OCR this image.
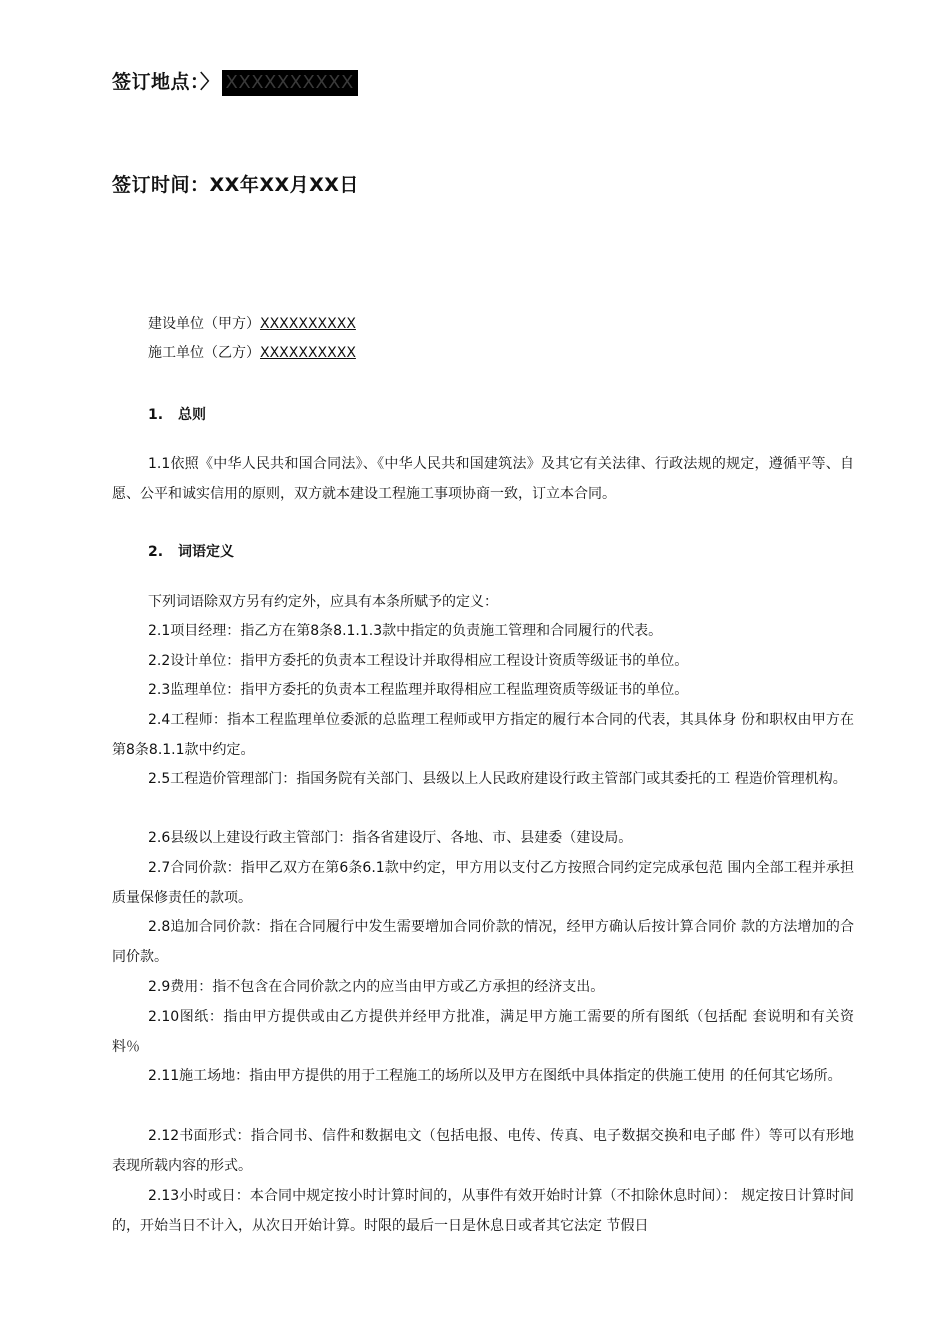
签订地点：〉 XXXXXXXXXX
签订时间：XX年XX月XX日
建设单位（甲方）XXXXXXXXXX
施工单位（乙方）XXXXXXXXXX
1. 总则

1.1依照《中华人民共和国合同法》、《中华人民共和国建筑法》及其它有关法律、行政法规的规定，遵循平等、自愿、公平和诚实信用的原则，双方就本建设工程施工事项协商一致，订立本合同。

2. 词语定义

下列词语除双方另有约定外，应具有本条所赋予的定义：

2.1项目经理：指乙方在第8条8.1.1.3款中指定的负责施工管理和合同履行的代表。

2.2设计单位：指甲方委托的负责本工程设计并取得相应工程设计资质等级证书的单位。

2.3监理单位：指甲方委托的负责本工程监理并取得相应工程监理资质等级证书的单位。

2.4工程师：指本工程监理单位委派的总监理工程师或甲方指定的履行本合同的代表，其具体身 份和职权由甲方在第8条8.1.1款中约定。

2.5工程造价管理部门：指国务院有关部门、县级以上人民政府建设行政主管部门或其委托的工 程造价管理机构。

2.6县级以上建设行政主管部门：指各省建设厅、各地、市、县建委（建设局。

2.7合同价款：指甲乙双方在第6条6.1款中约定，甲方用以支付乙方按照合同约定完成承包范 围内全部工程并承担质量保修责任的款项。

2.8追加合同价款：指在合同履行中发生需要增加合同价款的情况，经甲方确认后按计算合同价 款的方法增加的合同价款。

2.9费用：指不包含在合同价款之内的应当由甲方或乙方承担的经济支出。

2.10图纸：指由甲方提供或由乙方提供并经甲方批准，满足甲方施工需要的所有图纸（包括配 套说明和有关资料％

2.11施工场地：指由甲方提供的用于工程施工的场所以及甲方在图纸中具体指定的供施工使用 的任何其它场所。

2.12书面形式：指合同书、信件和数据电文（包括电报、电传、传真、电子数据交换和电子邮 件）等可以有形地表现所载内容的形式。

2.13小时或日：本合同中规定按小时计算时间的，从事件有效开始时计算（不扣除休息时间）： 规定按日计算时间的，开始当日不计入，从次日开始计算。时限的最后一日是休息日或者其它法定 节假日
